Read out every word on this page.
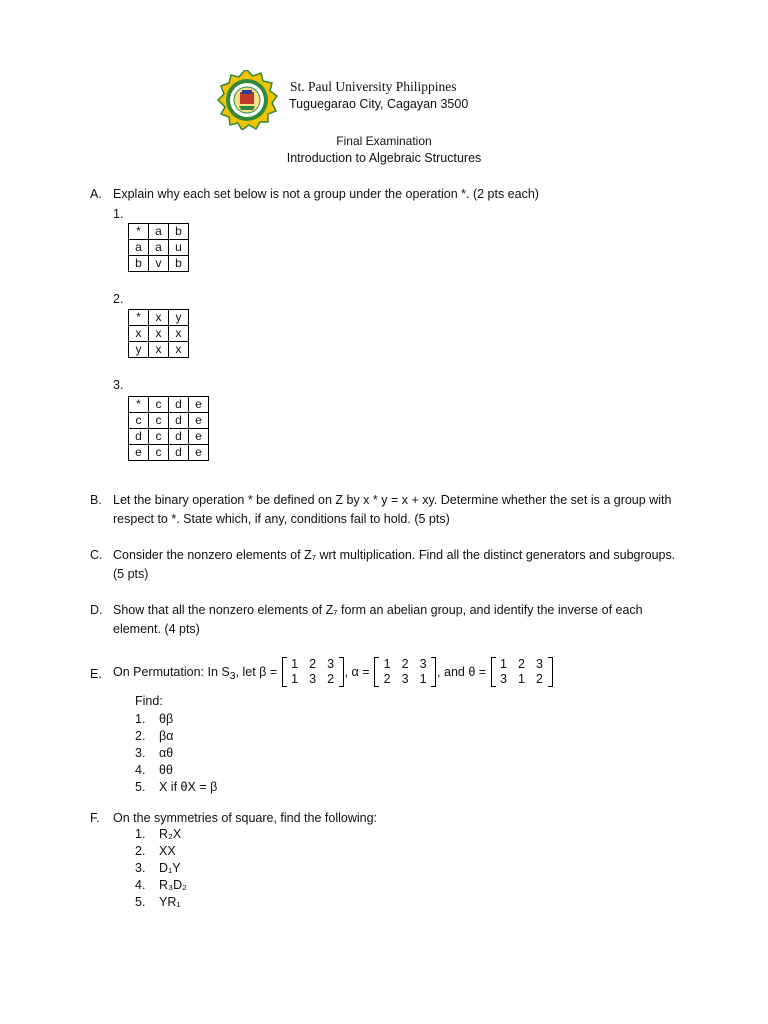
St. Paul University Philippines
Tuguegarao City, Cagayan 3500
Final Examination
Introduction to Algebraic Structures
A. Explain why each set below is not a group under the operation *. (2 pts each)
1.
*	a	b
a	a	u
b	v	b
2.
*	x	y
x	x	x
y	x	x
3.
*	c	d	e
c	c	d	e
d	c	d	e
e	c	d	e
B. Let the binary operation * be defined on Z by x * y = x + xy. Determine whether the set is a group with respect to *. State which, if any, conditions fail to hold. (5 pts)
C. Consider the nonzero elements of Z₇ wrt multiplication. Find all the distinct generators and subgroups. (5 pts)
D. Show that all the nonzero elements of Z₇ form an abelian group, and identify the inverse of each element. (4 pts)
E. On Permutation: In $S_3$, let β =
1 2 3
1 3 2 , α =
1 2 3
2 3 1 , and θ =
1 2 3
3 1 2
Find:
1. θβ
2. βα
3. αθ
4. θθ
5. X if θX = β
F. On the symmetries of square, find the following:
1. R₂X
2. XX
3. D₁Y
4. R₃D₂
5. YR₁
